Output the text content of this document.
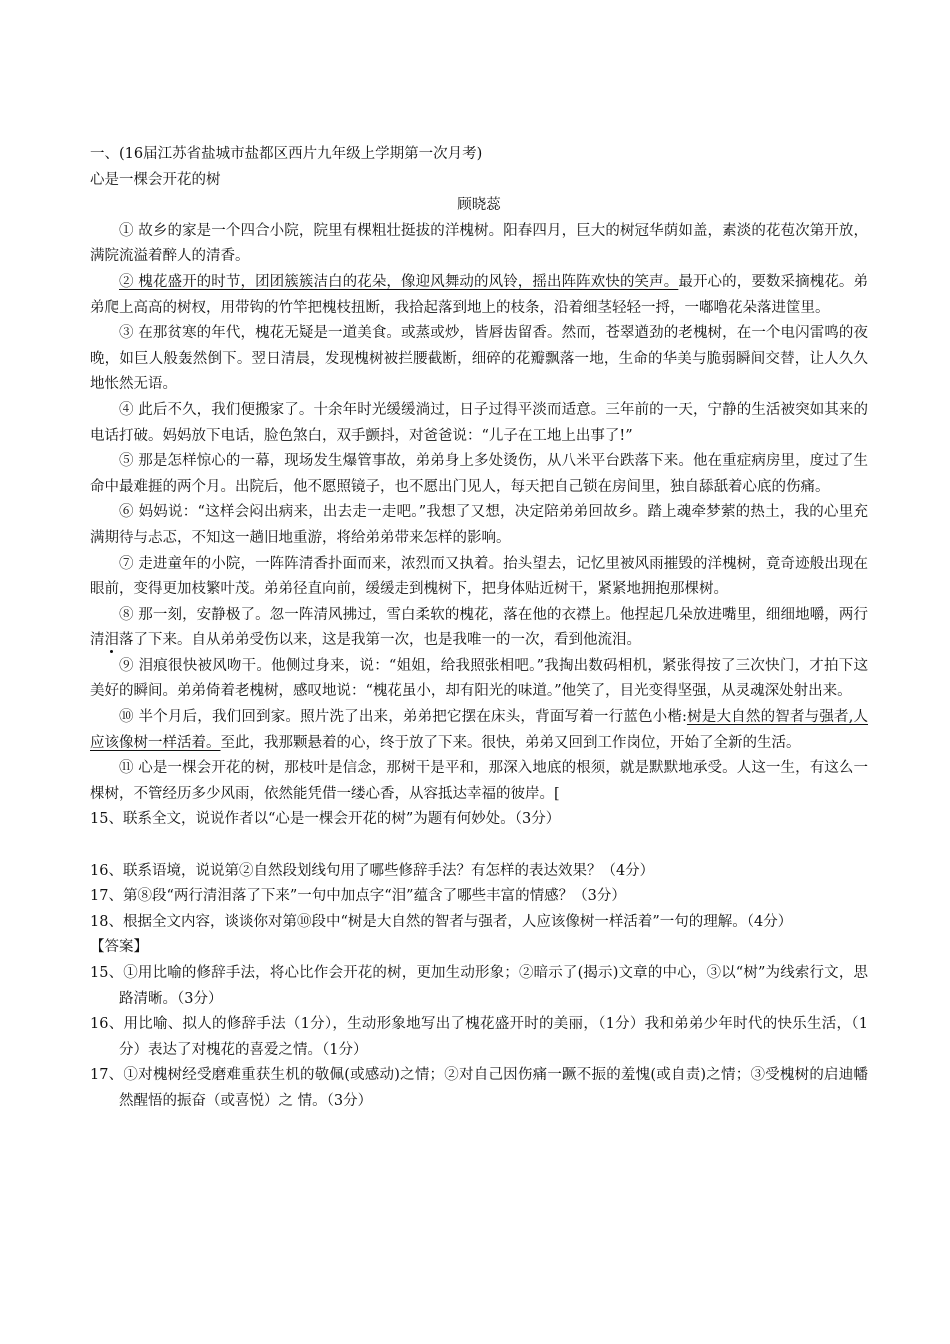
一、(16届江苏省盐城市盐都区西片九年级上学期第一次月考)

心是一棵会开花的树

顾晓蕊

① 故乡的家是一个四合小院，院里有棵粗壮挺拔的洋槐树。阳春四月，巨大的树冠华荫如盖，素淡的花苞次第开放，满院流溢着醉人的清香。

② 槐花盛开的时节，团团簇簇洁白的花朵，像迎风舞动的风铃，摇出阵阵欢快的笑声。最开心的，要数采摘槐花。弟弟爬上高高的树杈，用带钩的竹竿把槐枝扭断，我拾起落到地上的枝条，沿着细茎轻轻一捋，一嘟噜花朵落进筐里。

③ 在那贫寒的年代，槐花无疑是一道美食。或蒸或炒，皆唇齿留香。然而，苍翠遒劲的老槐树，在一个电闪雷鸣的夜晚，如巨人般轰然倒下。翌日清晨，发现槐树被拦腰截断，细碎的花瓣飘落一地，生命的华美与脆弱瞬间交替，让人久久地怅然无语。

④ 此后不久，我们便搬家了。十余年时光缓缓淌过，日子过得平淡而适意。三年前的一天，宁静的生活被突如其来的电话打破。妈妈放下电话，脸色煞白，双手颤抖，对爸爸说：“儿子在工地上出事了!”

⑤ 那是怎样惊心的一幕，现场发生爆管事故，弟弟身上多处烫伤，从八米平台跌落下来。他在重症病房里，度过了生命中最难捱的两个月。出院后，他不愿照镜子，也不愿出门见人，每天把自己锁在房间里，独自舔舐着心底的伤痛。

⑥ 妈妈说：“这样会闷出病来，出去走一走吧。”我想了又想，决定陪弟弟回故乡。踏上魂牵梦萦的热土，我的心里充满期待与忐忑，不知这一趟旧地重游，将给弟弟带来怎样的影响。

⑦ 走进童年的小院，一阵阵清香扑面而来，浓烈而又执着。抬头望去，记忆里被风雨摧毁的洋槐树，竟奇迹般出现在眼前，变得更加枝繁叶茂。弟弟径直向前，缓缓走到槐树下，把身体贴近树干，紧紧地拥抱那棵树。

⑧ 那一刻，安静极了。忽一阵清风拂过，雪白柔软的槐花，落在他的衣襟上。他捏起几朵放进嘴里，细细地嚼，两行清泪落了下来。自从弟弟受伤以来，这是我第一次，也是我唯一的一次，看到他流泪。

⑨ 泪痕很快被风吻干。他侧过身来，说：“姐姐，给我照张相吧。”我掏出数码相机，紧张得按了三次快门，才拍下这美好的瞬间。弟弟倚着老槐树，感叹地说：“槐花虽小，却有阳光的味道。”他笑了，目光变得坚强，从灵魂深处射出来。

⑩ 半个月后，我们回到家。照片洗了出来，弟弟把它摆在床头，背面写着一行蓝色小楷:树是大自然的智者与强者,人应该像树一样活着。至此，我那颗悬着的心，终于放了下来。很快，弟弟又回到工作岗位，开始了全新的生活。

⑪ 心是一棵会开花的树，那枝叶是信念，那树干是平和，那深入地底的根须，就是默默地承受。人这一生，有这么一棵树，不管经历多少风雨，依然能凭借一缕心香，从容抵达幸福的彼岸。[

15、联系全文，说说作者以“心是一棵会开花的树”为题有何妙处。（3分）

16、联系语境，说说第②自然段划线句用了哪些修辞手法？有怎样的表达效果？（4分）

17、第⑧段“两行清泪落了下来”一句中加点字“泪”蕴含了哪些丰富的情感？（3分）

18、根据全文内容，谈谈你对第⑩段中“树是大自然的智者与强者，人应该像树一样活着”一句的理解。（4分）

【答案】

15、①用比喻的修辞手法，将心比作会开花的树，更加生动形象；②暗示了(揭示)文章的中心，③以“树”为线索行文，思路清晰。（3分）

16、用比喻、拟人的修辞手法（1分），生动形象地写出了槐花盛开时的美丽，（1分）我和弟弟少年时代的快乐生活，（1分）表达了对槐花的喜爱之情。（1分）

17、①对槐树经受磨难重获生机的敬佩(或感动)之情；②对自己因伤痛一蹶不振的羞愧(或自责)之情；③受槐树的启迪幡然醒悟的振奋（或喜悦）之 情。（3分）
